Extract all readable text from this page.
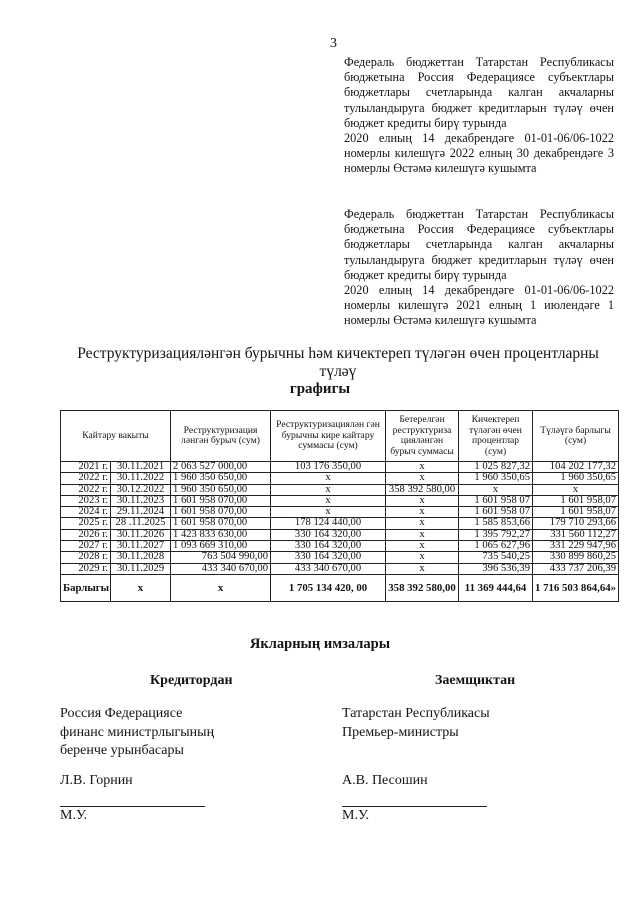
3

Федераль бюджеттан Татарстан Республикасы бюджетына Россия Федерациясе субъектлары бюджетлары счетларында калган акчаларны тулыландыруга бюджет кредитларын түләү өчен бюджет кредиты бирү турында

2020 елның 14 декабрендәге 01-01-06/06-1022 номерлы килешүгә 2022 елның 30 декабрендәге 3 номерлы Өстәмә килешүгә кушымта

Федераль бюджеттан Татарстан Республикасы бюджетына Россия Федерациясе субъектлары бюджетлары счетларында калган акчаларны тулыландыруга бюджет кредитларын түләү өчен бюджет кредиты бирү турында

2020 елның 14 декабрендәге 01-01-06/06-1022 номерлы килешүгә 2021 елның 1 июлендәге 1 номерлы Өстәмә килешүгә кушымта

Реструктуризацияләнгән бурычны һәм кичектереп түләгән өчен процентларны түләү
графигы
Кайтару вакыты		Реструктуризация ләнгән бурыч (сум)	Реструктуризациялән гән бурычны кире кайтару суммасы (сум)	Бетерелгән реструктуриза цияләнгән бурыч суммасы	Кичектереп түләгән өчен процентлар (сум)	Түләүгә барлыгы (сум)
2021 г.	30.11.2021	2 063 527 000,00	103 176 350,00	x	1 025 827,32	104 202 177,32
2022 г.	30.11.2022	1 960 350 650,00	x	x	1 960 350,65	1 960 350,65
2022 г.	30.12.2022	1 960 350 650,00	x	358 392 580,00	x	x
2023 г.	30.11.2023	1 601 958 070,00	x	x	1 601 958 07	1 601 958,07
2024 г.	29.11.2024	1 601 958 070,00	x	x	1 601 958 07	1 601 958,07
2025 г.	28 .11.2025	1 601 958 070,00	178 124 440,00	x	1 585 853,66	179 710 293,66
2026 г.	30.11.2026	1 423 833 630,00	330 164 320,00	x	1 395 792,27	331 560 112,27
2027 г.	30.11.2027	1 093 669 310,00	330 164 320,00	x	1 065 627,96	331 229 947,96
2028 г.	30.11.2028	763 504 990,00	330 164 320,00	x	735 540,25	330 899 860,25
2029 г.	30.11.2029	433 340 670,00	433 340 670,00	x	396 536,39	433 737 206,39
Барлыгы	x	x	1 705 134 420, 00	358 392 580,00	11 369 444,64	1 716 503 864,64»
Якларның имзалары
Кредитордан	Заемщиктан
Россия Федерациясе
финанс министрлыгының
беренче урынбасары
Татарстан Республикасы
Премьер-министры
Л.В. Горнин	А.В. Песошин
М.У.	М.У.
